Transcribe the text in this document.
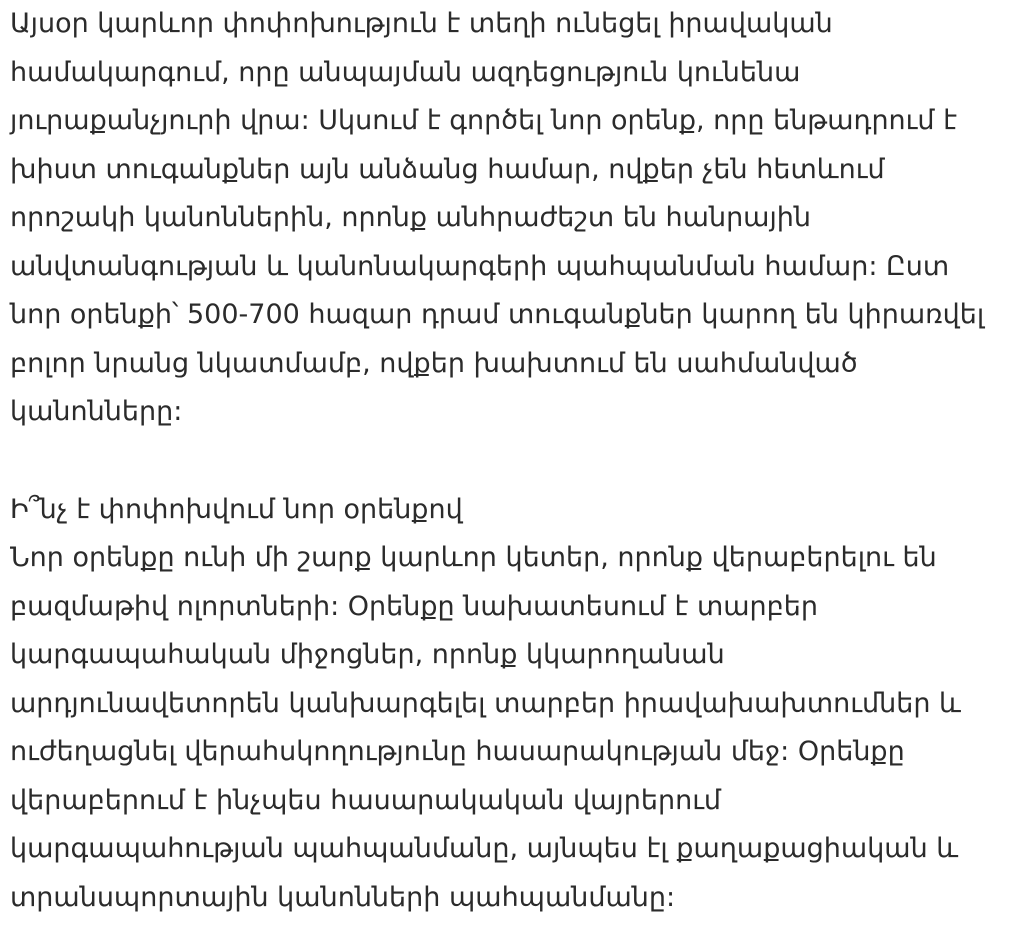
Այսօր կարևոր փոփոխություն է տեղի ունեցել իրավական
համակարգում, որը անպայման ազդեցություն կունենա
յուրաքանչյուրի վրա: Սկսում է գործել նոր օրենք, որը ենթադրում է
խիստ տուգանքներ այն անձանց համար, ովքեր չեն հետևում
որոշակի կանոններին, որոնք անհրաժեշտ են հանրային
անվտանգության և կանոնակարգերի պահպանման համար: Ըստ
նոր օրենքի՝ 500-700 հազար դրամ տուգանքներ կարող են կիրառվել
բոլոր նրանց նկատմամբ, ովքեր խախտում են սահմանված
կանոնները:
Ի՞նչ է փոփոխվում նոր օրենքով
Նոր օրենքը ունի մի շարք կարևոր կետեր, որոնք վերաբերելու են
բազմաթիվ ոլորտների: Օրենքը նախատեսում է տարբեր
կարգապահական միջոցներ, որոնք կկարողանան
արդյունավետորեն կանխարգելել տարբեր իրավախախտումներ և
ուժեղացնել վերահսկողությունը հասարակության մեջ: Օրենքը
վերաբերում է ինչպես հասարակական վայրերում
կարգապահության պահպանմանը, այնպես էլ քաղաքացիական և
տրանսպորտային կանոնների պահպանմանը:
